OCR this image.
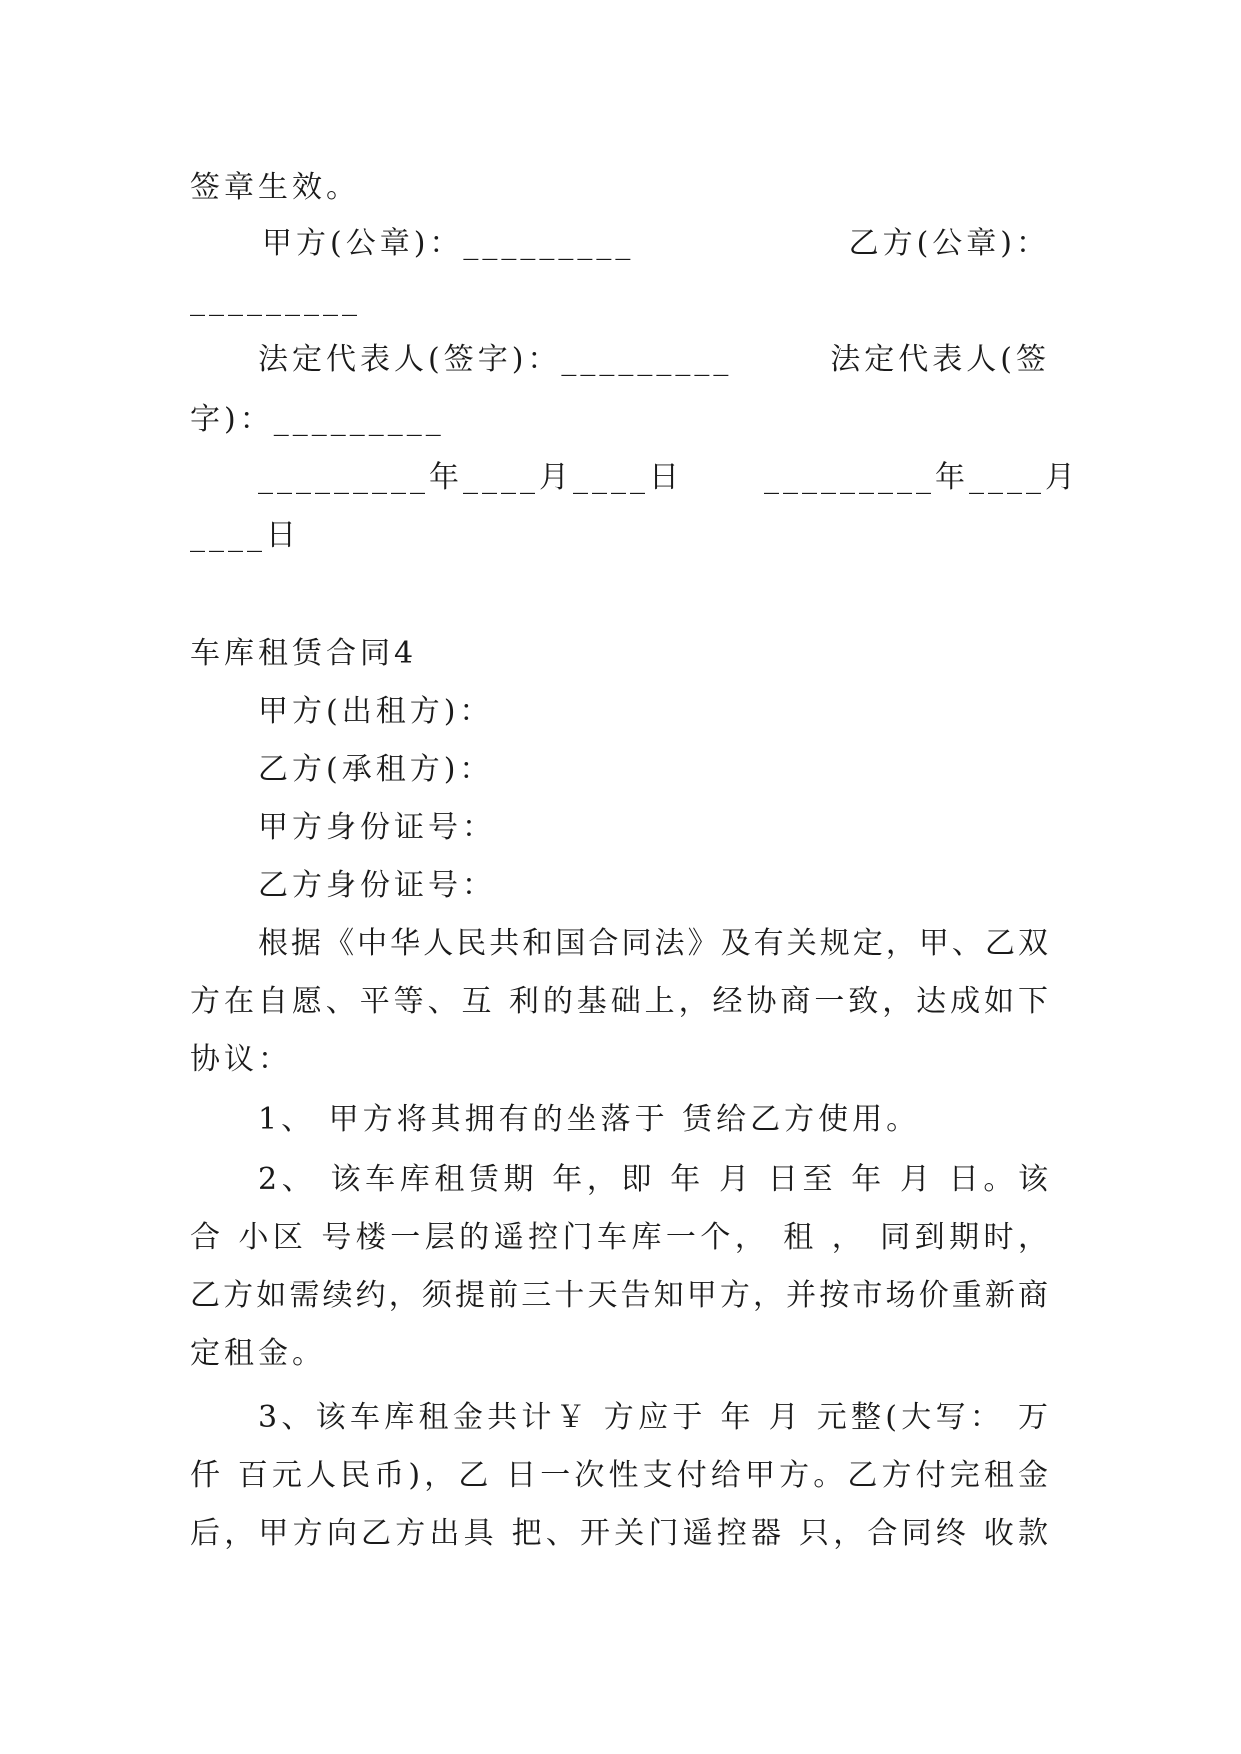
签章生效。
甲方(公章)：_________	乙方(公章)：
_________
法定代表人(签字)：_________	法定代表人(签
字)：_________
_________年____月____日	_________年____月
____日
车库租赁合同4
甲方(出租方)：
乙方(承租方)：
甲方身份证号：
乙方身份证号：
根据《中华人民共和国合同法》及有关规定，甲、乙双
方在自愿、平等、互 利的基础上，经协商一致，达成如下
协议：
1、 甲方将其拥有的坐落于 赁给乙方使用。
2、 该车库租赁期 年，即 年 月 日至 年 月 日。该
合 小区 号楼一层的遥控门车库一个， 租 ， 同到期时，
乙方如需续约，须提前三十天告知甲方，并按市场价重新商
定租金。
3、该车库租金共计￥ 方应于 年 月 元整(大写： 万
仟 百元人民币)，乙 日一次性支付给甲方。乙方付完租金
后，甲方向乙方出具 把、开关门遥控器 只，合同终 收款
